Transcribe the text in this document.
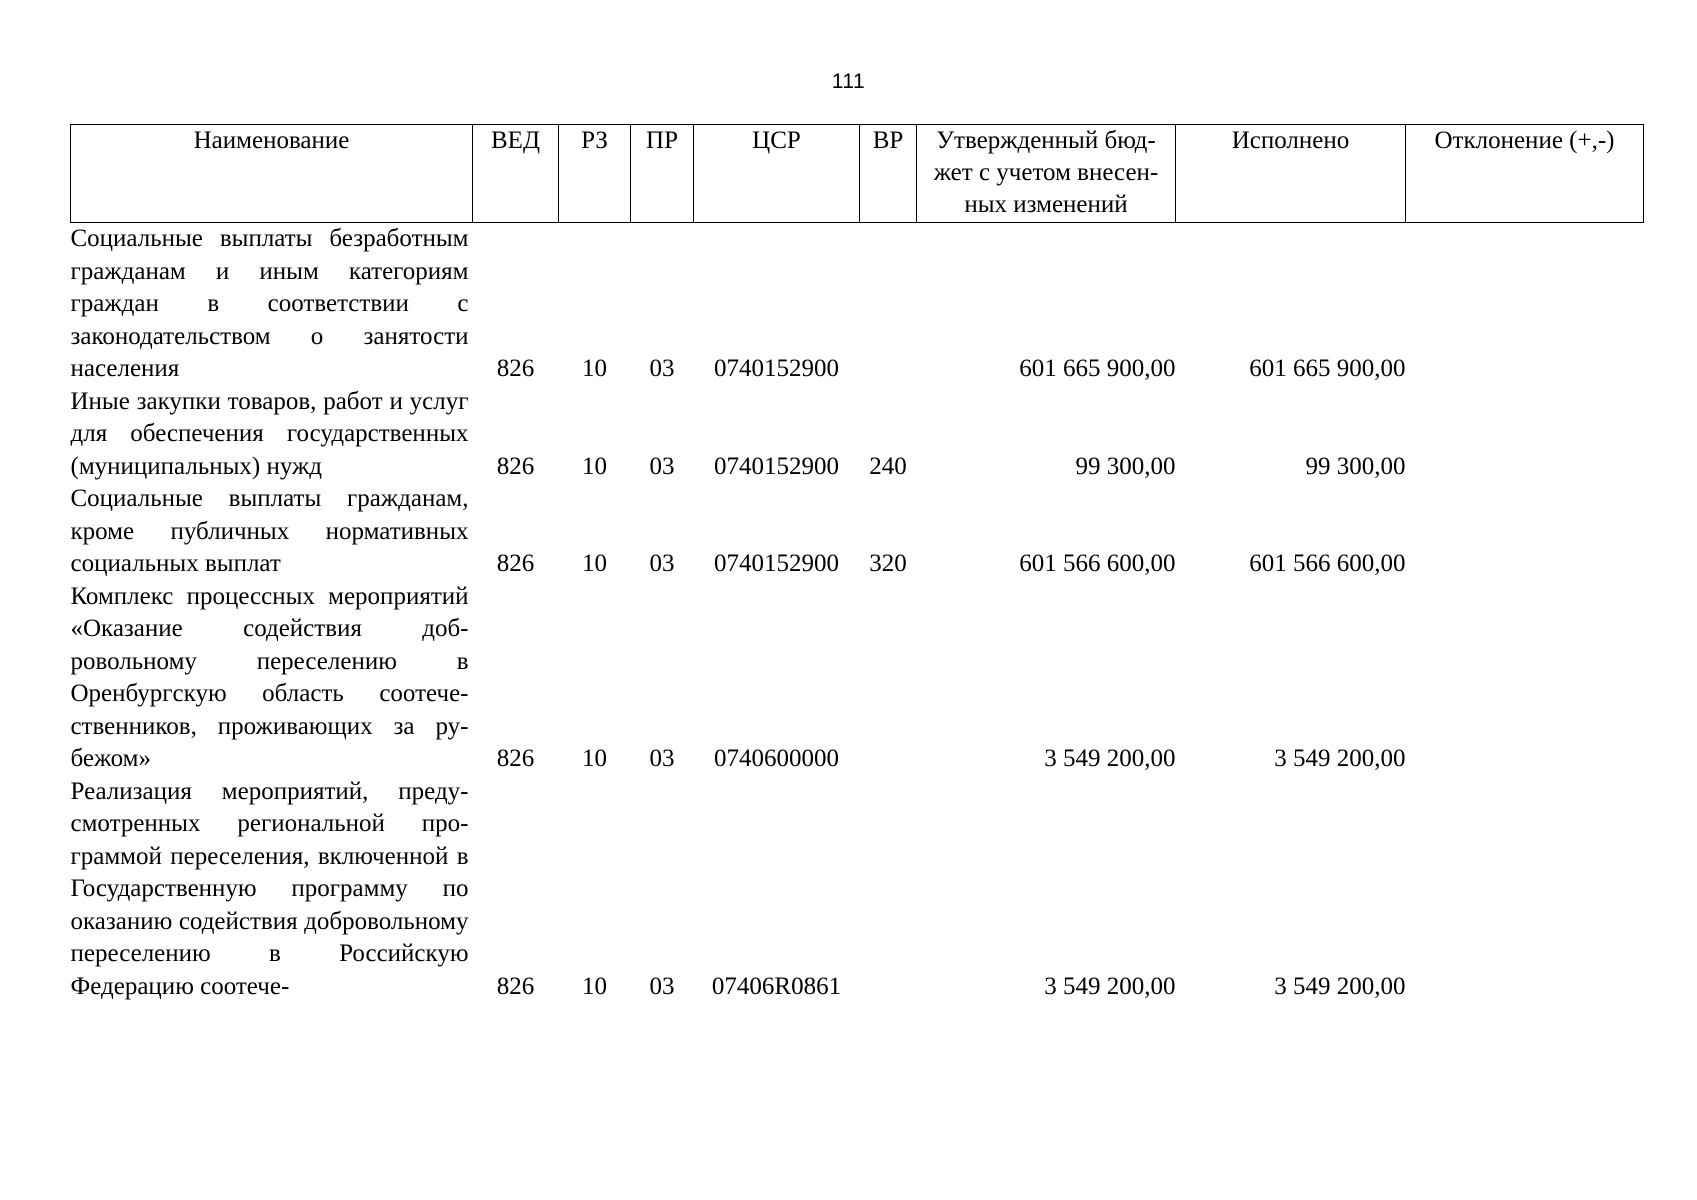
111
Наименование	ВЕД	РЗ	ПР	ЦСР	ВР	Утвержденный бюд-жет с учетом внесен-ных изменений	Исполнено	Отклонение (+,-)
Социальные выплаты безработным гражданам и иным категориям граждан в соответствии с законодательством о занятости населения	826	10	03	0740152900		601 665 900,00	601 665 900,00	
Иные закупки товаров, работ и услуг для обеспечения государственных (муниципальных) нужд	826	10	03	0740152900	240	99 300,00	99 300,00	
Социальные выплаты гражданам, кроме публичных нормативных социальных выплат	826	10	03	0740152900	320	601 566 600,00	601 566 600,00	
Комплекс процессных мероприятий «Оказание содействия добровольному переселению в Оренбургскую область соотечественников, проживающих за рубежом»	826	10	03	0740600000		3 549 200,00	3 549 200,00	
Реализация мероприятий, предусмотренных региональной программой переселения, включенной в Государственную программу по оказанию содействия добровольному переселению в Российскую Федерацию соотече-	826	10	03	07406R0861		3 549 200,00	3 549 200,00	
